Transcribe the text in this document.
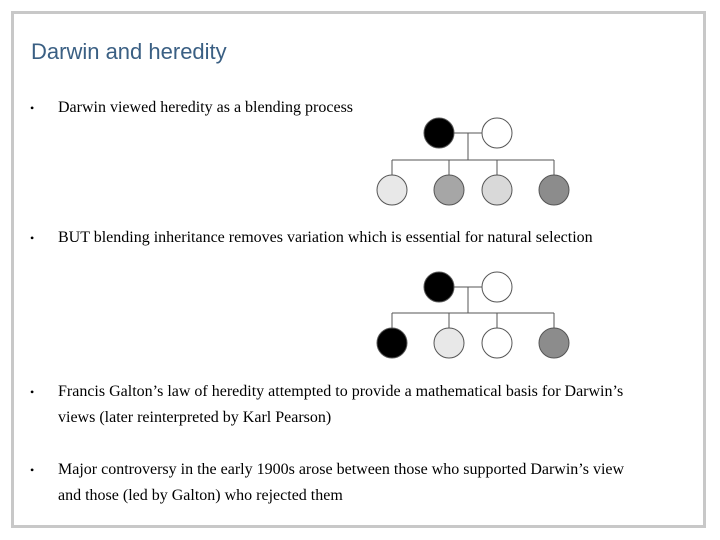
Darwin and heredity
• Darwin viewed heredity as a blending process
• BUT blending inheritance removes variation which is essential for natural selection
• Francis Galton’s law of heredity attempted to provide a mathematical basis for Darwin’s views (later reinterpreted by Karl Pearson)
• Major controversy in the early 1900s arose between those who supported Darwin’s view and those (led by Galton) who rejected them
